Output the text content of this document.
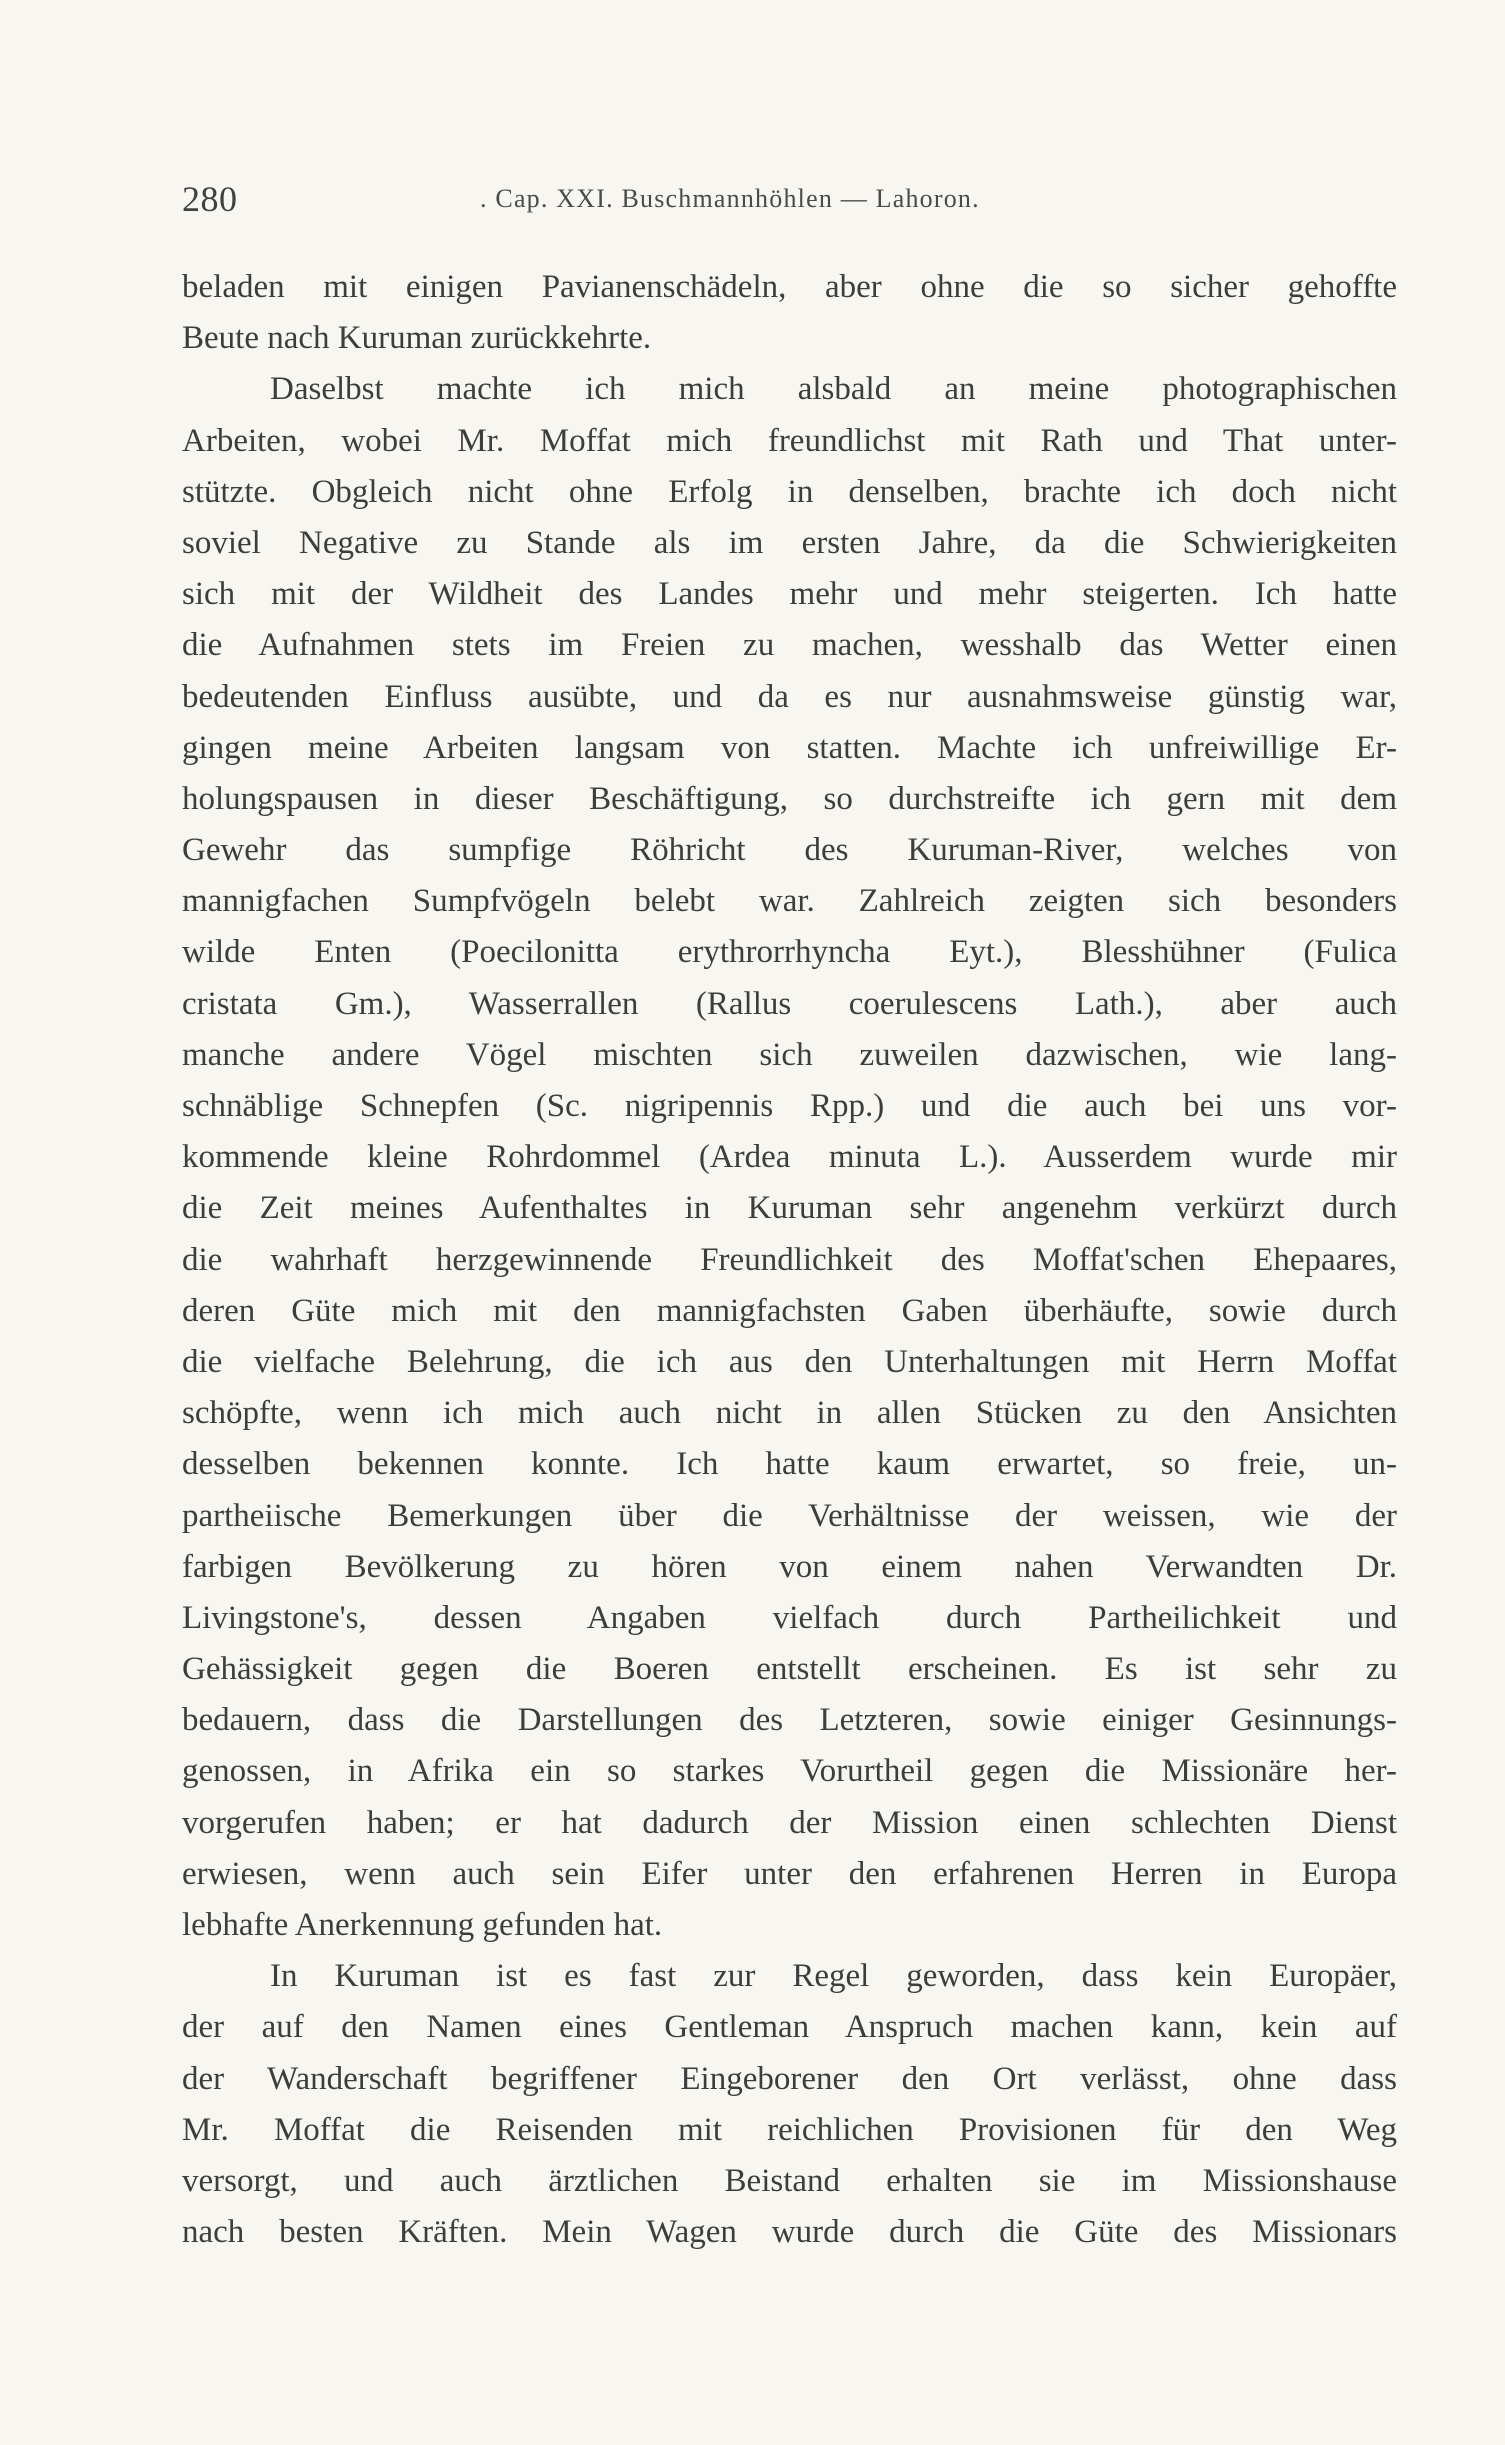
280	. Cap. XXI. Buschmannhöhlen — Lahoron.
beladen mit einigen Pavianenschädeln, aber ohne die so sicher gehoffte
Beute nach Kuruman zurückkehrte.
Daselbst machte ich mich alsbald an meine photographischen
Arbeiten, wobei Mr. Moffat mich freundlichst mit Rath und That unter-
stützte. Obgleich nicht ohne Erfolg in denselben, brachte ich doch nicht
soviel Negative zu Stande als im ersten Jahre, da die Schwierigkeiten
sich mit der Wildheit des Landes mehr und mehr steigerten. Ich hatte
die Aufnahmen stets im Freien zu machen, wesshalb das Wetter einen
bedeutenden Einfluss ausübte, und da es nur ausnahmsweise günstig war,
gingen meine Arbeiten langsam von statten. Machte ich unfreiwillige Er-
holungspausen in dieser Beschäftigung, so durchstreifte ich gern mit dem
Gewehr das sumpfige Röhricht des Kuruman-River, welches von
mannigfachen Sumpfvögeln belebt war. Zahlreich zeigten sich besonders
wilde Enten (Poecilonitta erythrorrhyncha Eyt.), Blesshühner (Fulica
cristata Gm.), Wasserrallen (Rallus coerulescens Lath.), aber auch
manche andere Vögel mischten sich zuweilen dazwischen, wie lang-
schnäblige Schnepfen (Sc. nigripennis Rpp.) und die auch bei uns vor-
kommende kleine Rohrdommel (Ardea minuta L.). Ausserdem wurde mir
die Zeit meines Aufenthaltes in Kuruman sehr angenehm verkürzt durch
die wahrhaft herzgewinnende Freundlichkeit des Moffat'schen Ehepaares,
deren Güte mich mit den mannigfachsten Gaben überhäufte, sowie durch
die vielfache Belehrung, die ich aus den Unterhaltungen mit Herrn Moffat
schöpfte, wenn ich mich auch nicht in allen Stücken zu den Ansichten
desselben bekennen konnte. Ich hatte kaum erwartet, so freie, un-
partheiische Bemerkungen über die Verhältnisse der weissen, wie der
farbigen Bevölkerung zu hören von einem nahen Verwandten Dr.
Livingstone's, dessen Angaben vielfach durch Partheilichkeit und
Gehässigkeit gegen die Boeren entstellt erscheinen. Es ist sehr zu
bedauern, dass die Darstellungen des Letzteren, sowie einiger Gesinnungs-
genossen, in Afrika ein so starkes Vorurtheil gegen die Missionäre her-
vorgerufen haben; er hat dadurch der Mission einen schlechten Dienst
erwiesen, wenn auch sein Eifer unter den erfahrenen Herren in Europa
lebhafte Anerkennung gefunden hat.
In Kuruman ist es fast zur Regel geworden, dass kein Europäer,
der auf den Namen eines Gentleman Anspruch machen kann, kein auf
der Wanderschaft begriffener Eingeborener den Ort verlässt, ohne dass
Mr. Moffat die Reisenden mit reichlichen Provisionen für den Weg
versorgt, und auch ärztlichen Beistand erhalten sie im Missionshause
nach besten Kräften. Mein Wagen wurde durch die Güte des Missionars
